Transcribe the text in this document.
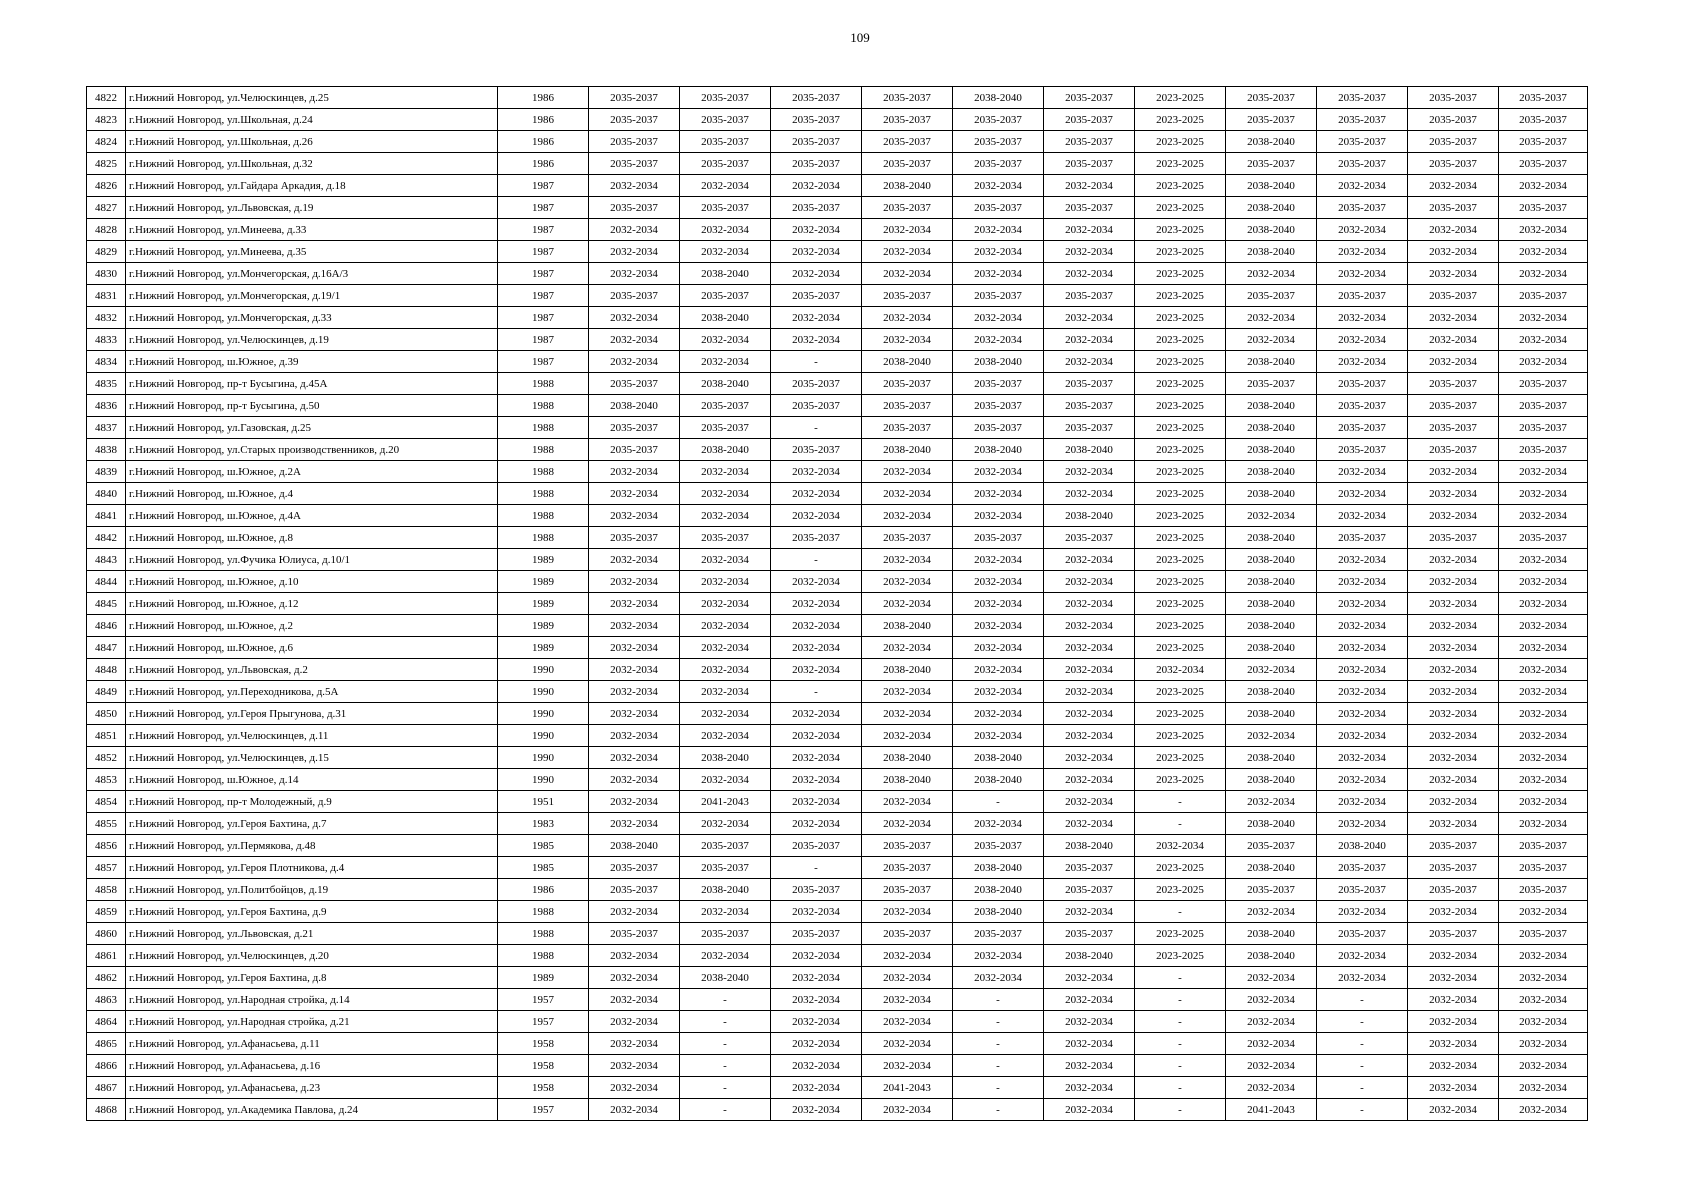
109
4822	г.Нижний Новгород, ул.Челюскинцев, д.25	1986	2035-2037	2035-2037	2035-2037	2035-2037	2038-2040	2035-2037	2023-2025	2035-2037	2035-2037	2035-2037	2035-2037
4823	г.Нижний Новгород, ул.Школьная, д.24	1986	2035-2037	2035-2037	2035-2037	2035-2037	2035-2037	2035-2037	2023-2025	2035-2037	2035-2037	2035-2037	2035-2037
4824	г.Нижний Новгород, ул.Школьная, д.26	1986	2035-2037	2035-2037	2035-2037	2035-2037	2035-2037	2035-2037	2023-2025	2038-2040	2035-2037	2035-2037	2035-2037
4825	г.Нижний Новгород, ул.Школьная, д.32	1986	2035-2037	2035-2037	2035-2037	2035-2037	2035-2037	2035-2037	2023-2025	2035-2037	2035-2037	2035-2037	2035-2037
4826	г.Нижний Новгород, ул.Гайдара Аркадия, д.18	1987	2032-2034	2032-2034	2032-2034	2038-2040	2032-2034	2032-2034	2023-2025	2038-2040	2032-2034	2032-2034	2032-2034
4827	г.Нижний Новгород, ул.Львовская, д.19	1987	2035-2037	2035-2037	2035-2037	2035-2037	2035-2037	2035-2037	2023-2025	2038-2040	2035-2037	2035-2037	2035-2037
4828	г.Нижний Новгород, ул.Минеева, д.33	1987	2032-2034	2032-2034	2032-2034	2032-2034	2032-2034	2032-2034	2023-2025	2038-2040	2032-2034	2032-2034	2032-2034
4829	г.Нижний Новгород, ул.Минеева, д.35	1987	2032-2034	2032-2034	2032-2034	2032-2034	2032-2034	2032-2034	2023-2025	2038-2040	2032-2034	2032-2034	2032-2034
4830	г.Нижний Новгород, ул.Мончегорская, д.16А/3	1987	2032-2034	2038-2040	2032-2034	2032-2034	2032-2034	2032-2034	2023-2025	2032-2034	2032-2034	2032-2034	2032-2034
4831	г.Нижний Новгород, ул.Мончегорская, д.19/1	1987	2035-2037	2035-2037	2035-2037	2035-2037	2035-2037	2035-2037	2023-2025	2035-2037	2035-2037	2035-2037	2035-2037
4832	г.Нижний Новгород, ул.Мончегорская, д.33	1987	2032-2034	2038-2040	2032-2034	2032-2034	2032-2034	2032-2034	2023-2025	2032-2034	2032-2034	2032-2034	2032-2034
4833	г.Нижний Новгород, ул.Челюскинцев, д.19	1987	2032-2034	2032-2034	2032-2034	2032-2034	2032-2034	2032-2034	2023-2025	2032-2034	2032-2034	2032-2034	2032-2034
4834	г.Нижний Новгород, ш.Южное, д.39	1987	2032-2034	2032-2034	-	2038-2040	2038-2040	2032-2034	2023-2025	2038-2040	2032-2034	2032-2034	2032-2034
4835	г.Нижний Новгород, пр-т Бусыгина, д.45А	1988	2035-2037	2038-2040	2035-2037	2035-2037	2035-2037	2035-2037	2023-2025	2035-2037	2035-2037	2035-2037	2035-2037
4836	г.Нижний Новгород, пр-т Бусыгина, д.50	1988	2038-2040	2035-2037	2035-2037	2035-2037	2035-2037	2035-2037	2023-2025	2038-2040	2035-2037	2035-2037	2035-2037
4837	г.Нижний Новгород, ул.Газовская, д.25	1988	2035-2037	2035-2037	-	2035-2037	2035-2037	2035-2037	2023-2025	2038-2040	2035-2037	2035-2037	2035-2037
4838	г.Нижний Новгород, ул.Старых производственников, д.20	1988	2035-2037	2038-2040	2035-2037	2038-2040	2038-2040	2038-2040	2023-2025	2038-2040	2035-2037	2035-2037	2035-2037
4839	г.Нижний Новгород, ш.Южное, д.2А	1988	2032-2034	2032-2034	2032-2034	2032-2034	2032-2034	2032-2034	2023-2025	2038-2040	2032-2034	2032-2034	2032-2034
4840	г.Нижний Новгород, ш.Южное, д.4	1988	2032-2034	2032-2034	2032-2034	2032-2034	2032-2034	2032-2034	2023-2025	2038-2040	2032-2034	2032-2034	2032-2034
4841	г.Нижний Новгород, ш.Южное, д.4А	1988	2032-2034	2032-2034	2032-2034	2032-2034	2032-2034	2038-2040	2023-2025	2032-2034	2032-2034	2032-2034	2032-2034
4842	г.Нижний Новгород, ш.Южное, д.8	1988	2035-2037	2035-2037	2035-2037	2035-2037	2035-2037	2035-2037	2023-2025	2038-2040	2035-2037	2035-2037	2035-2037
4843	г.Нижний Новгород, ул.Фучика Юлиуса, д.10/1	1989	2032-2034	2032-2034	-	2032-2034	2032-2034	2032-2034	2023-2025	2038-2040	2032-2034	2032-2034	2032-2034
4844	г.Нижний Новгород, ш.Южное, д.10	1989	2032-2034	2032-2034	2032-2034	2032-2034	2032-2034	2032-2034	2023-2025	2038-2040	2032-2034	2032-2034	2032-2034
4845	г.Нижний Новгород, ш.Южное, д.12	1989	2032-2034	2032-2034	2032-2034	2032-2034	2032-2034	2032-2034	2023-2025	2038-2040	2032-2034	2032-2034	2032-2034
4846	г.Нижний Новгород, ш.Южное, д.2	1989	2032-2034	2032-2034	2032-2034	2038-2040	2032-2034	2032-2034	2023-2025	2038-2040	2032-2034	2032-2034	2032-2034
4847	г.Нижний Новгород, ш.Южное, д.6	1989	2032-2034	2032-2034	2032-2034	2032-2034	2032-2034	2032-2034	2023-2025	2038-2040	2032-2034	2032-2034	2032-2034
4848	г.Нижний Новгород, ул.Львовская, д.2	1990	2032-2034	2032-2034	2032-2034	2038-2040	2032-2034	2032-2034	2032-2034	2032-2034	2032-2034	2032-2034	2032-2034
4849	г.Нижний Новгород, ул.Переходникова, д.5А	1990	2032-2034	2032-2034	-	2032-2034	2032-2034	2032-2034	2023-2025	2038-2040	2032-2034	2032-2034	2032-2034
4850	г.Нижний Новгород, ул.Героя Прыгунова, д.31	1990	2032-2034	2032-2034	2032-2034	2032-2034	2032-2034	2032-2034	2023-2025	2038-2040	2032-2034	2032-2034	2032-2034
4851	г.Нижний Новгород, ул.Челюскинцев, д.11	1990	2032-2034	2032-2034	2032-2034	2032-2034	2032-2034	2032-2034	2023-2025	2032-2034	2032-2034	2032-2034	2032-2034
4852	г.Нижний Новгород, ул.Челюскинцев, д.15	1990	2032-2034	2038-2040	2032-2034	2038-2040	2038-2040	2032-2034	2023-2025	2038-2040	2032-2034	2032-2034	2032-2034
4853	г.Нижний Новгород, ш.Южное, д.14	1990	2032-2034	2032-2034	2032-2034	2038-2040	2038-2040	2032-2034	2023-2025	2038-2040	2032-2034	2032-2034	2032-2034
4854	г.Нижний Новгород, пр-т Молодежный, д.9	1951	2032-2034	2041-2043	2032-2034	2032-2034	-	2032-2034	-	2032-2034	2032-2034	2032-2034	2032-2034
4855	г.Нижний Новгород, ул.Героя Бахтина, д.7	1983	2032-2034	2032-2034	2032-2034	2032-2034	2032-2034	2032-2034	-	2038-2040	2032-2034	2032-2034	2032-2034
4856	г.Нижний Новгород, ул.Пермякова, д.48	1985	2038-2040	2035-2037	2035-2037	2035-2037	2035-2037	2038-2040	2032-2034	2035-2037	2038-2040	2035-2037	2035-2037
4857	г.Нижний Новгород, ул.Героя Плотникова, д.4	1985	2035-2037	2035-2037	-	2035-2037	2038-2040	2035-2037	2023-2025	2038-2040	2035-2037	2035-2037	2035-2037
4858	г.Нижний Новгород, ул.Политбойцов, д.19	1986	2035-2037	2038-2040	2035-2037	2035-2037	2038-2040	2035-2037	2023-2025	2035-2037	2035-2037	2035-2037	2035-2037
4859	г.Нижний Новгород, ул.Героя Бахтина, д.9	1988	2032-2034	2032-2034	2032-2034	2032-2034	2038-2040	2032-2034	-	2032-2034	2032-2034	2032-2034	2032-2034
4860	г.Нижний Новгород, ул.Львовская, д.21	1988	2035-2037	2035-2037	2035-2037	2035-2037	2035-2037	2035-2037	2023-2025	2038-2040	2035-2037	2035-2037	2035-2037
4861	г.Нижний Новгород, ул.Челюскинцев, д.20	1988	2032-2034	2032-2034	2032-2034	2032-2034	2032-2034	2038-2040	2023-2025	2038-2040	2032-2034	2032-2034	2032-2034
4862	г.Нижний Новгород, ул.Героя Бахтина, д.8	1989	2032-2034	2038-2040	2032-2034	2032-2034	2032-2034	2032-2034	-	2032-2034	2032-2034	2032-2034	2032-2034
4863	г.Нижний Новгород, ул.Народная стройка, д.14	1957	2032-2034	-	2032-2034	2032-2034	-	2032-2034	-	2032-2034	-	2032-2034	2032-2034
4864	г.Нижний Новгород, ул.Народная стройка, д.21	1957	2032-2034	-	2032-2034	2032-2034	-	2032-2034	-	2032-2034	-	2032-2034	2032-2034
4865	г.Нижний Новгород, ул.Афанасьева, д.11	1958	2032-2034	-	2032-2034	2032-2034	-	2032-2034	-	2032-2034	-	2032-2034	2032-2034
4866	г.Нижний Новгород, ул.Афанасьева, д.16	1958	2032-2034	-	2032-2034	2032-2034	-	2032-2034	-	2032-2034	-	2032-2034	2032-2034
4867	г.Нижний Новгород, ул.Афанасьева, д.23	1958	2032-2034	-	2032-2034	2041-2043	-	2032-2034	-	2032-2034	-	2032-2034	2032-2034
4868	г.Нижний Новгород, ул.Академика Павлова, д.24	1957	2032-2034	-	2032-2034	2032-2034	-	2032-2034	-	2041-2043	-	2032-2034	2032-2034
